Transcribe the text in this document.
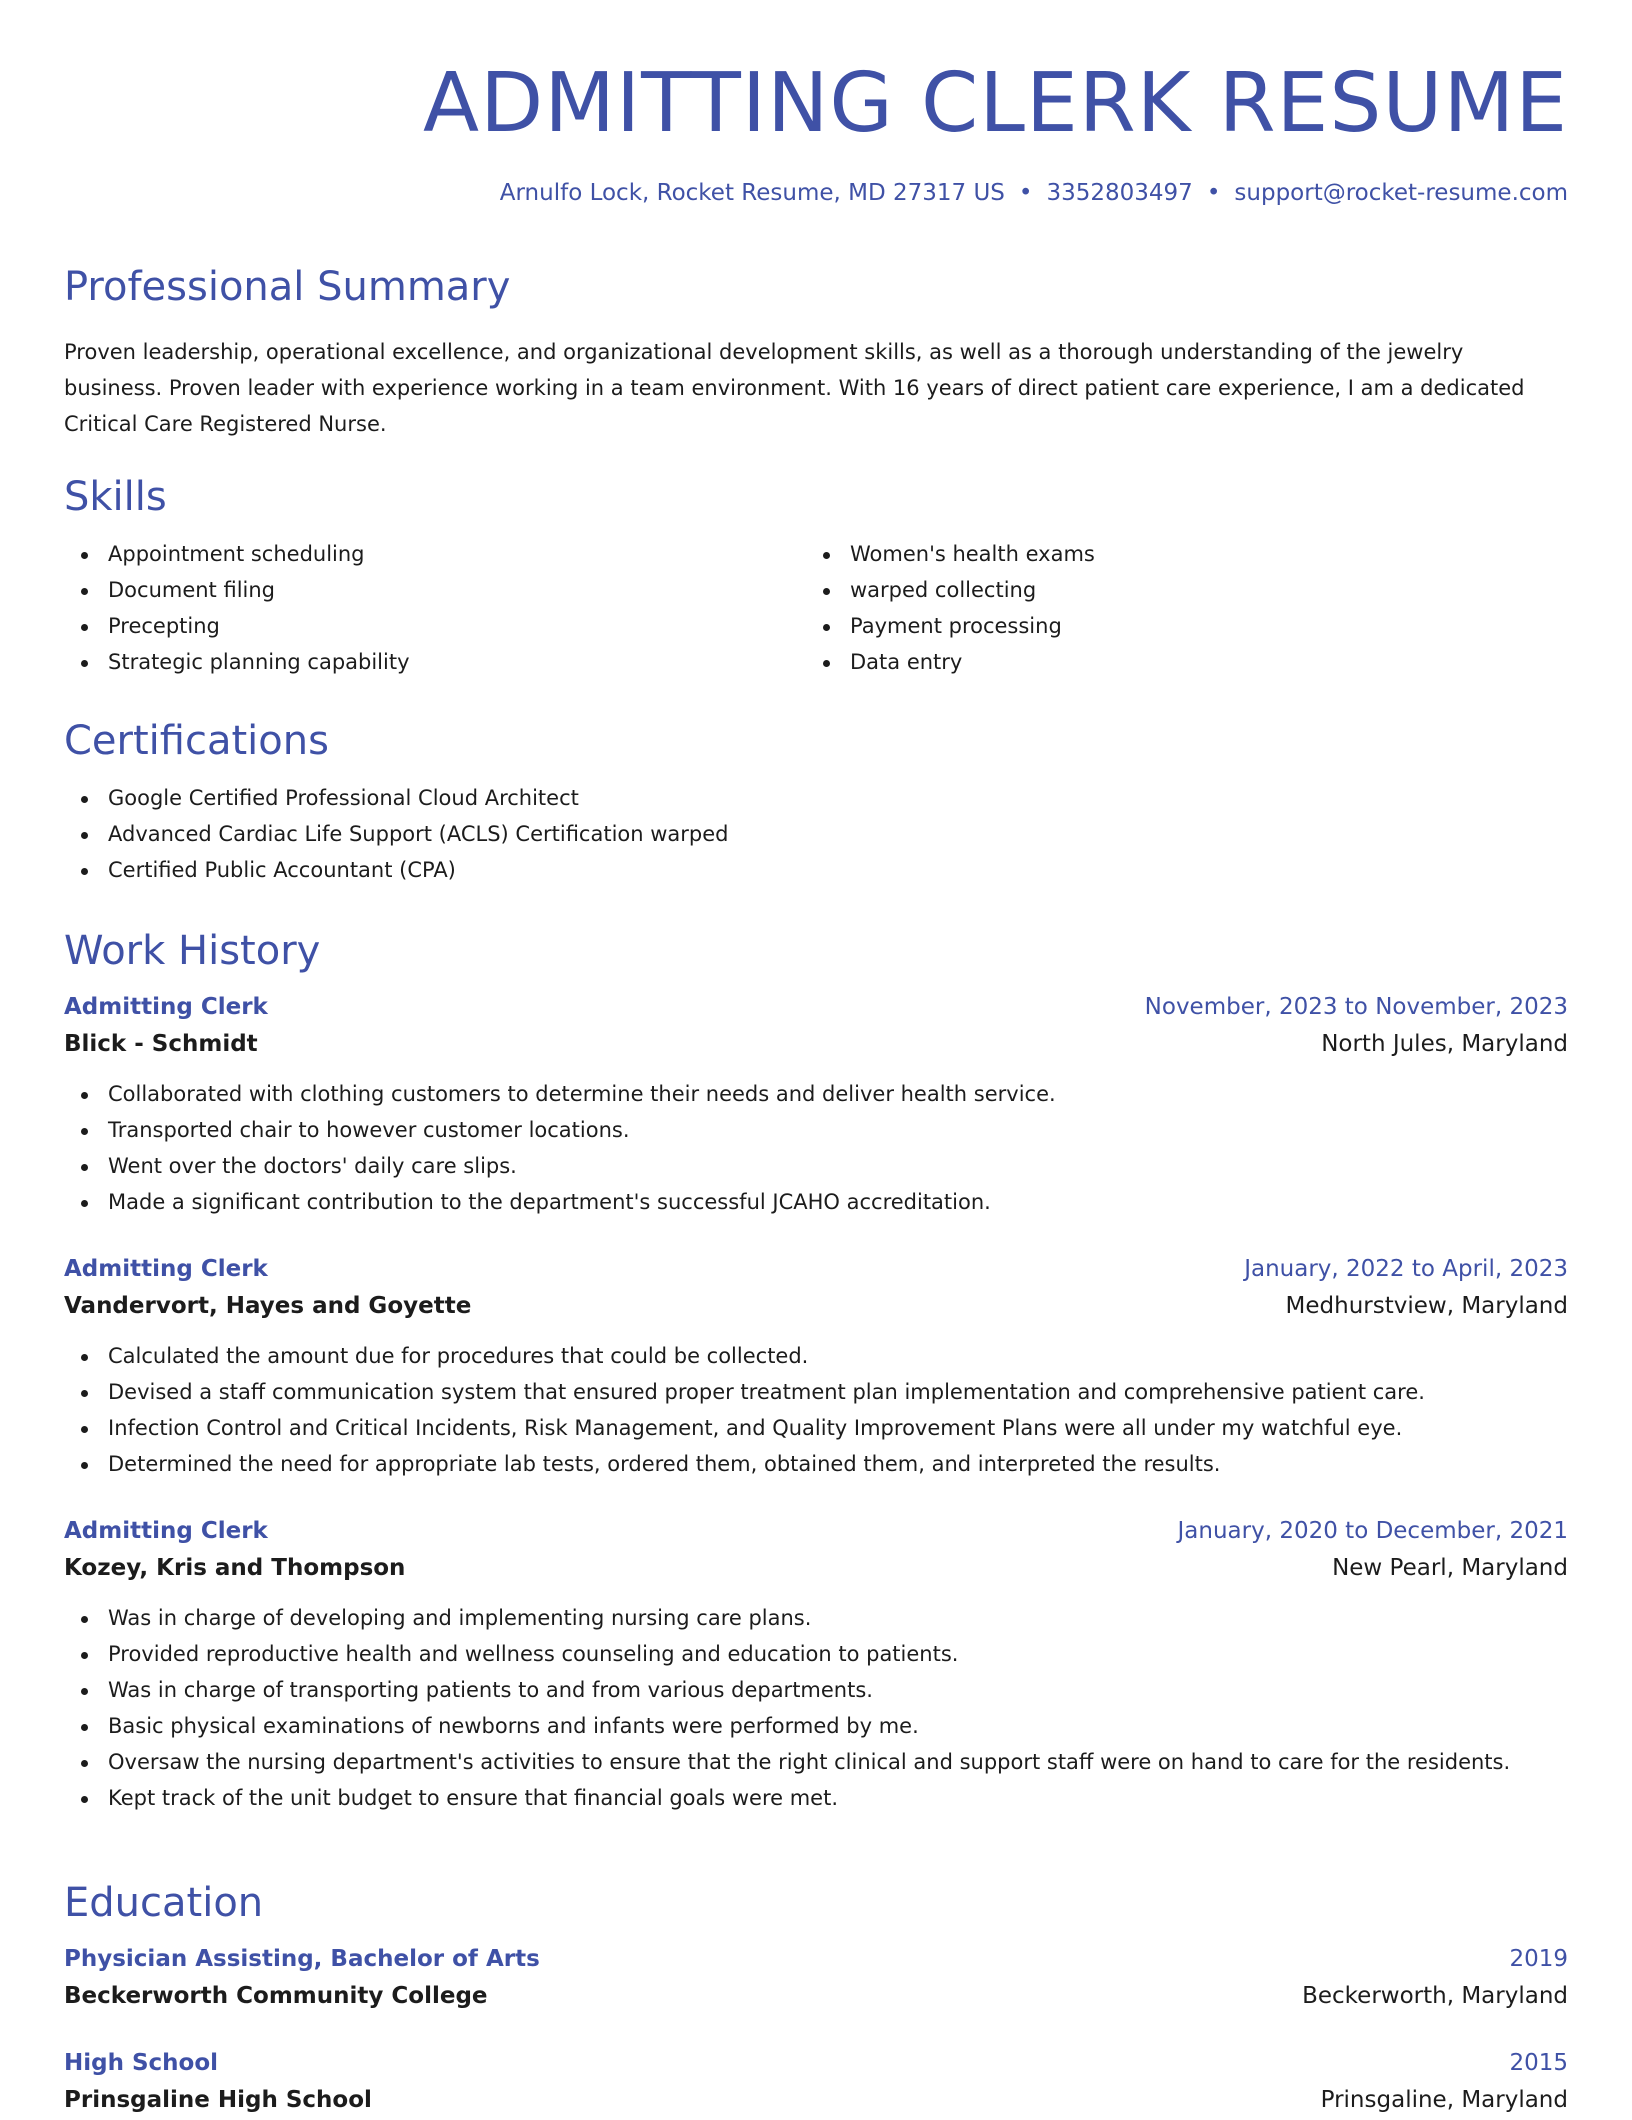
ADMITTING CLERK RESUME
Arnulfo Lock, Rocket Resume, MD 27317 US • 3352803497 • support@rocket-resume.com
Professional Summary

Proven leadership, operational excellence, and organizational development skills, as well as a thorough understanding of the jewelry business. Proven leader with experience working in a team environment. With 16 years of direct patient care experience, I am a dedicated Critical Care Registered Nurse.

Skills
Appointment scheduling
Document filing
Precepting
Strategic planning capability
Women's health exams
warped collecting
Payment processing
Data entry
Certifications
Google Certified Professional Cloud Architect
Advanced Cardiac Life Support (ACLS) Certification warped
Certified Public Accountant (CPA)
Work History
Admitting Clerk	November, 2023 to November, 2023
Blick - Schmidt	North Jules, Maryland
Collaborated with clothing customers to determine their needs and deliver health service.
Transported chair to however customer locations.
Went over the doctors' daily care slips.
Made a significant contribution to the department's successful JCAHO accreditation.
Admitting Clerk	January, 2022 to April, 2023
Vandervort, Hayes and Goyette	Medhurstview, Maryland
Calculated the amount due for procedures that could be collected.
Devised a staff communication system that ensured proper treatment plan implementation and comprehensive patient care.
Infection Control and Critical Incidents, Risk Management, and Quality Improvement Plans were all under my watchful eye.
Determined the need for appropriate lab tests, ordered them, obtained them, and interpreted the results.
Admitting Clerk	January, 2020 to December, 2021
Kozey, Kris and Thompson	New Pearl, Maryland
Was in charge of developing and implementing nursing care plans.
Provided reproductive health and wellness counseling and education to patients.
Was in charge of transporting patients to and from various departments.
Basic physical examinations of newborns and infants were performed by me.
Oversaw the nursing department's activities to ensure that the right clinical and support staff were on hand to care for the residents.
Kept track of the unit budget to ensure that financial goals were met.
Education
Physician Assisting, Bachelor of Arts	2019
Beckerworth Community College	Beckerworth, Maryland
High School	2015
Prinsgaline High School	Prinsgaline, Maryland
